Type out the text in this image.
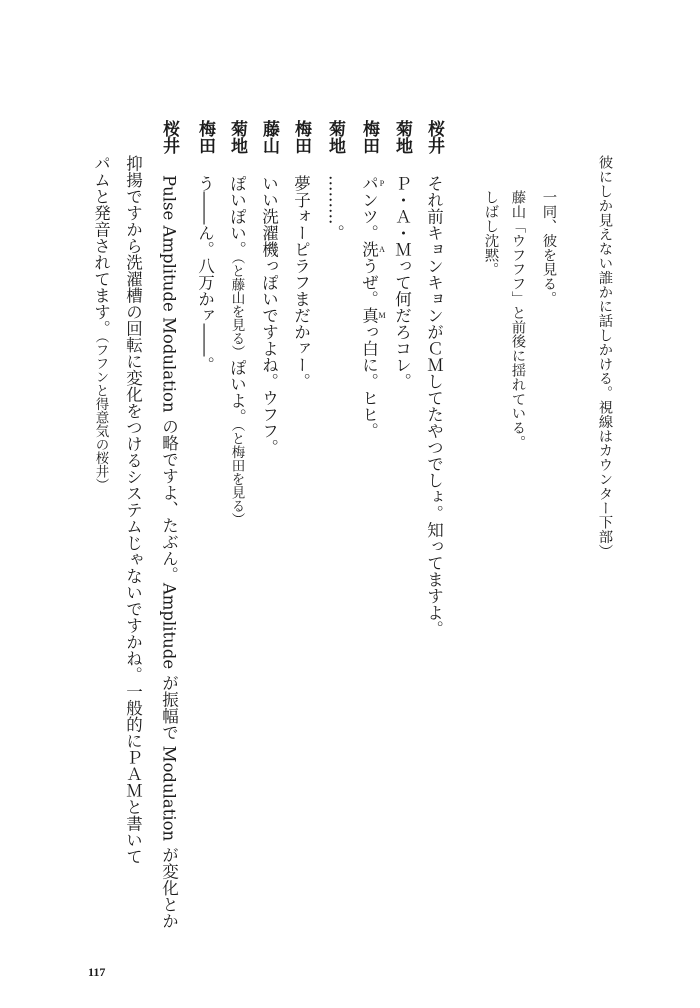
彼にしか見えない誰かに話しかける。視線はカウンター下部）
一同、彼を見る。
藤山「ウフフフ」と前後に揺れている。
しばし沈黙。
桜井
それ前キョンキョンがＣＭしてたやつでしょ。知ってますよ。
菊地
Ｐ・Ａ・Ｍって何だろコレ。
梅田
パ Pンツ。洗 Aうぜ。真 Mっ白に。ヒヒ。
菊地
………。
梅田
夢子ォーピラフまだかァー。
藤山
いい洗濯機っぽいですよね。ウフフ。
菊地
ぽいぽい。（と藤山を見る）ぽいよ。（と梅田を見る）
梅田
う――ん。八万かァ――。
桜井
Pulse Amplitude Modulation の略ですよ、たぶん。Amplitude が振幅で Modulation が変化とか
抑揚ですから洗濯槽の回転に変化をつけるシステムじゃないですかね。一般的にＰＡＭと書いて
パムと発音されてます。（フフンと得意気の桜井）
117
